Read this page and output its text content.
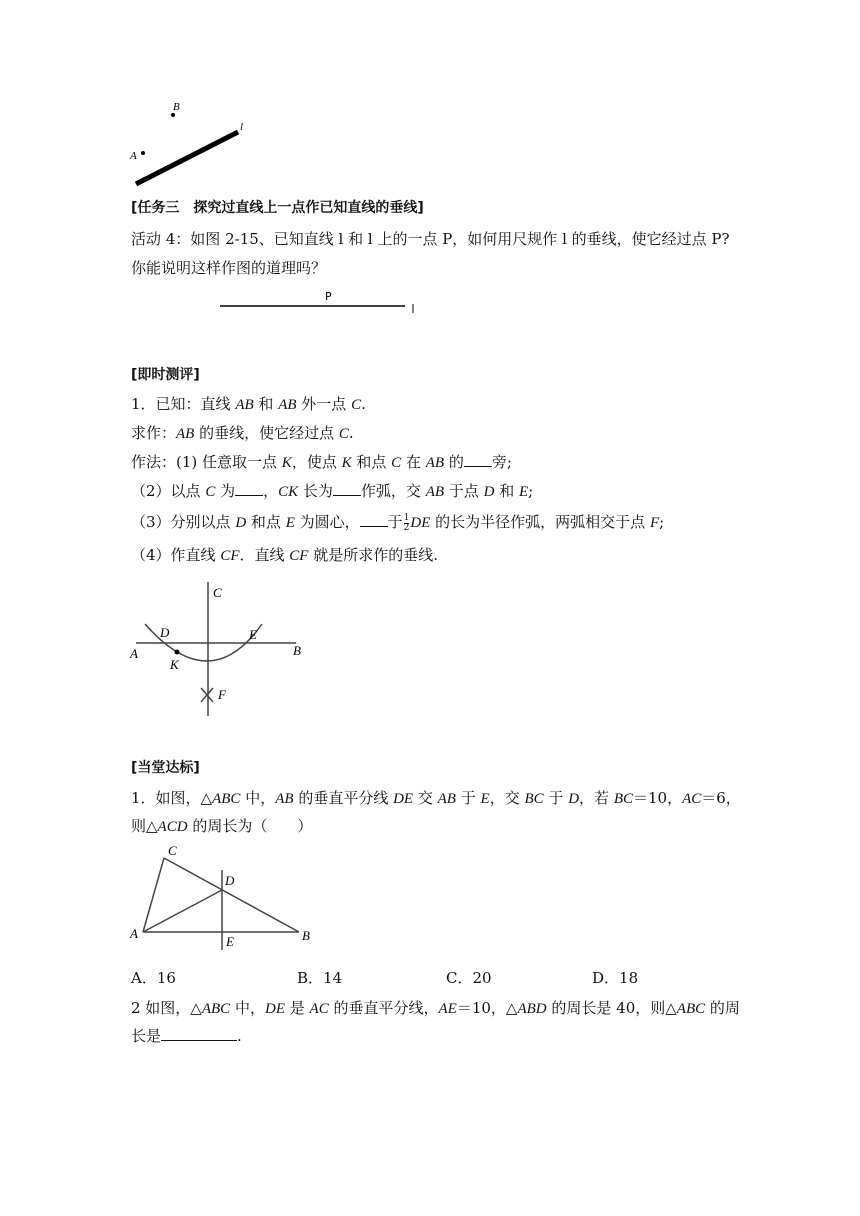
B
A
l
[任务三　探究过直线上一点作已知直线的垂线]
活动 4：如图 2-15、已知直线 l 和 l 上的一点 P，如何用尺规作 l 的垂线，使它经过点 P?
你能说明这样作图的道理吗？
P
[即时测评]
1．已知：直线 AB 和 AB 外一点 C.
求作：AB 的垂线，使它经过点 C.
作法：(1) 任意取一点 K，使点 K 和点 C 在 AB 的 旁;
（2）以点 C 为 ，CK 长为 作弧，交 AB 于点 D 和 E;
（3）分别以点 D 和点 E 为圆心， 于 $\frac{1}{2}$ DE 的长为半径作弧，两弧相交于点 F;
（4）作直线 CF．直线 CF 就是所求作的垂线.
C
D	E
A	B
K
F
[当堂达标]
1．如图，△ABC 中，AB 的垂直平分线 DE 交 AB 于 E，交 BC 于 D，若 BC＝10，AC＝6，
则△ACD 的周长为（　　）
C
D
A
E	B
A．16	B．14	C．20	D．18
2 如图，△ABC 中，DE 是 AC 的垂直平分线，AE＝10，△ABD 的周长是 40，则△ABC 的周
长是	.
